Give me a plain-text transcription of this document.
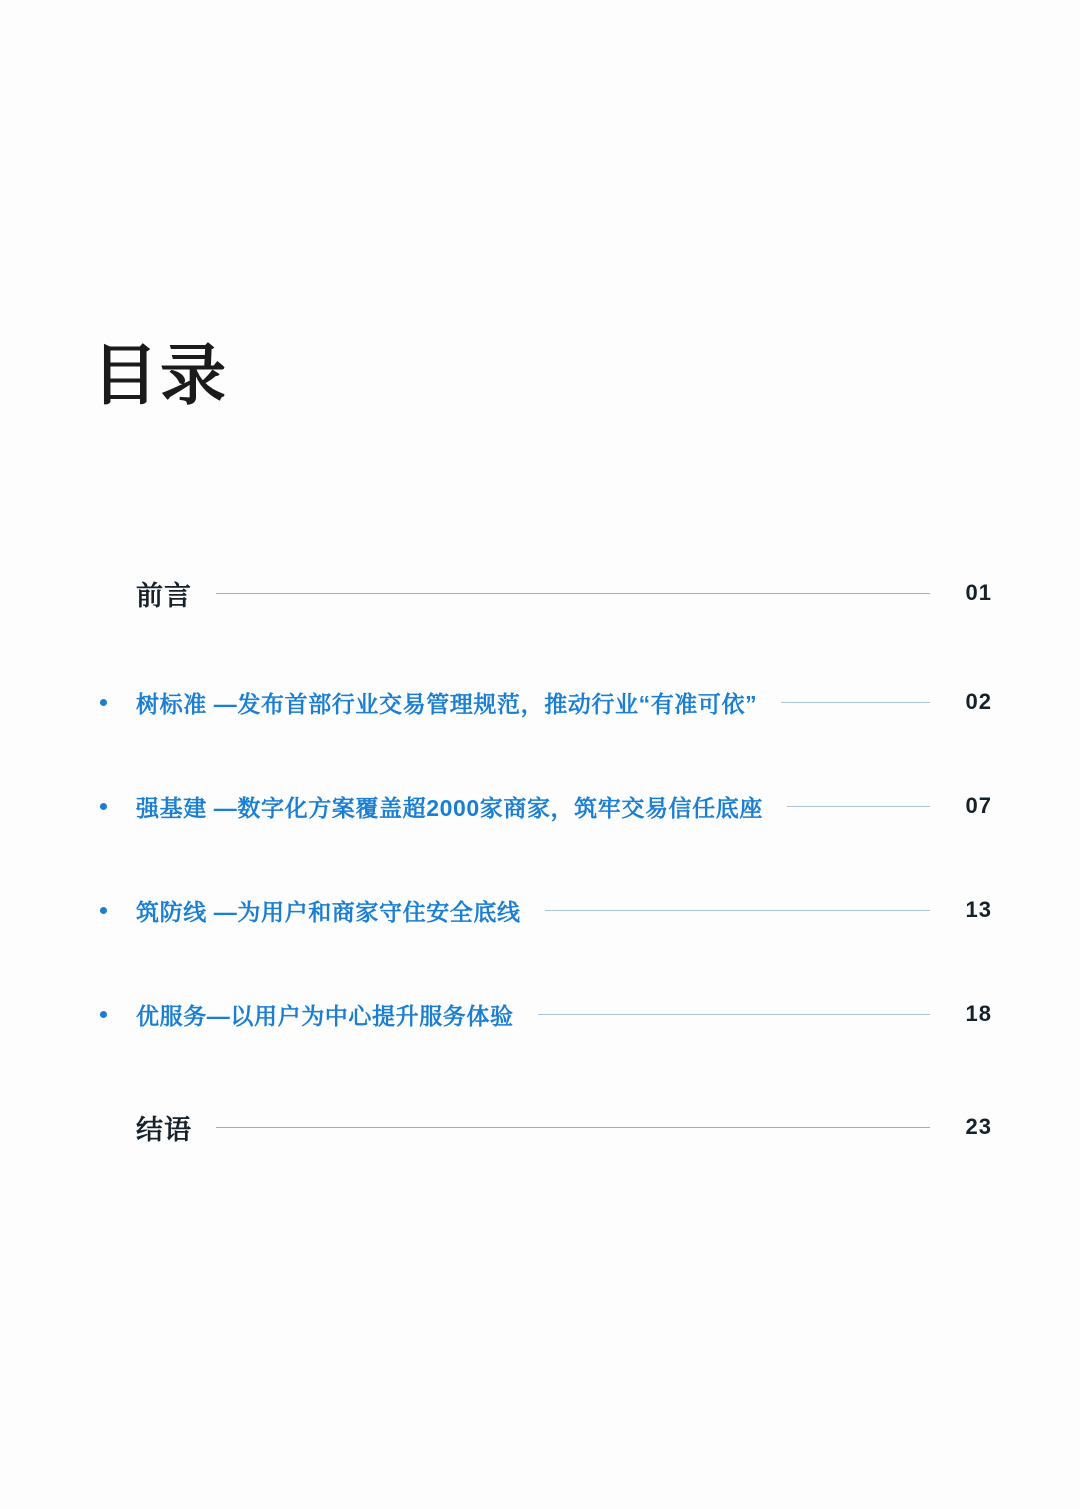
目录
前言	01
树标准 —发布首部行业交易管理规范，推动行业“有准可依”	02
强基建 —数字化方案覆盖超2000家商家，筑牢交易信任底座	07
筑防线 —为用户和商家守住安全底线	13
优服务—以用户为中心提升服务体验	18
结语	23
